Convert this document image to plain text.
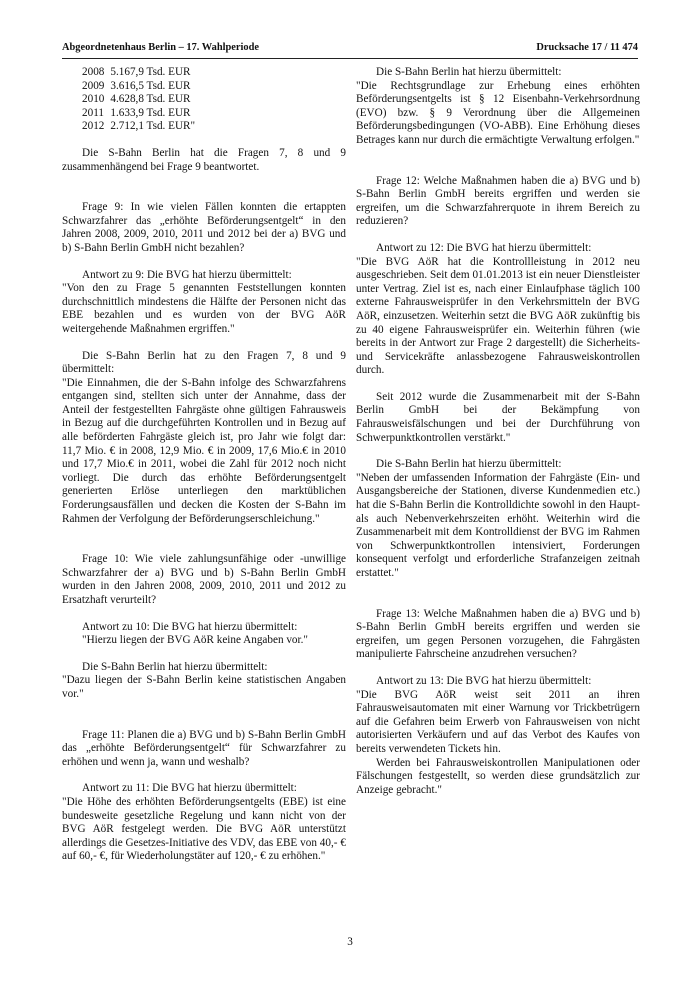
Abgeordnetenhaus Berlin – 17. Wahlperiode	Drucksache 17 / 11 474
2008	5.167,9 Tsd. EUR
2009	3.616,5 Tsd. EUR
2010	4.628,8 Tsd. EUR
2011	1.633,9 Tsd. EUR
2012	2.712,1 Tsd. EUR"

Die S-Bahn Berlin hat die Fragen 7, 8 und 9 zusammenhängend bei Frage 9 beantwortet.

Frage 9: In wie vielen Fällen konnten die ertappten Schwarzfahrer das „erhöhte Beförderungsentgelt“ in den Jahren 2008, 2009, 2010, 2011 und 2012 bei der a) BVG und b) S-Bahn Berlin GmbH nicht bezahlen?

Antwort zu 9: Die BVG hat hierzu übermittelt:

"Von den zu Frage 5 genannten Feststellungen konnten durchschnittlich mindestens die Hälfte der Personen nicht das EBE bezahlen und es wurden von der BVG AöR weitergehende Maßnahmen ergriffen."

Die S-Bahn Berlin hat zu den Fragen 7, 8 und 9 übermittelt:

"Die Einnahmen, die der S-Bahn infolge des Schwarzfahrens entgangen sind, stellten sich unter der Annahme, dass der Anteil der festgestellten Fahrgäste ohne gültigen Fahrausweis in Bezug auf die durchgeführten Kontrollen und in Bezug auf alle beförderten Fahrgäste gleich ist, pro Jahr wie folgt dar: 11,7 Mio. € in 2008, 12,9 Mio. € in 2009, 17,6 Mio.€ in 2010 und 17,7 Mio.€ in 2011, wobei die Zahl für 2012 noch nicht vorliegt. Die durch das erhöhte Beförderungsentgelt generierten Erlöse unterliegen den marktüblichen Forderungsausfällen und decken die Kosten der S-Bahn im Rahmen der Verfolgung der Beförderungserschleichung."

Frage 10: Wie viele zahlungsunfähige oder -unwillige Schwarzfahrer der a) BVG und b) S-Bahn Berlin GmbH wurden in den Jahren 2008, 2009, 2010, 2011 und 2012 zu Ersatzhaft verurteilt?

Antwort zu 10: Die BVG hat hierzu übermittelt:

"Hierzu liegen der BVG AöR keine Angaben vor."

Die S-Bahn Berlin hat hierzu übermittelt:

"Dazu liegen der S-Bahn Berlin keine statistischen Angaben vor."

Frage 11: Planen die a) BVG und b) S-Bahn Berlin GmbH das „erhöhte Beförderungsentgelt“ für Schwarzfahrer zu erhöhen und wenn ja, wann und weshalb?

Antwort zu 11: Die BVG hat hierzu übermittelt:

"Die Höhe des erhöhten Beförderungsentgelts (EBE) ist eine bundesweite gesetzliche Regelung und kann nicht von der BVG AöR festgelegt werden. Die BVG AöR unterstützt allerdings die Gesetzes-Initiative des VDV, das EBE von 40,- € auf 60,- €, für Wiederholungstäter auf 120,- € zu erhöhen."

Die S-Bahn Berlin hat hierzu übermittelt:

"Die Rechtsgrundlage zur Erhebung eines erhöhten Beförderungsentgelts ist § 12 Eisenbahn-Verkehrsordnung (EVO) bzw. § 9 Verordnung über die Allgemeinen Beförderungsbedingungen (VO-ABB). Eine Erhöhung dieses Betrages kann nur durch die ermächtigte Verwaltung erfolgen."

Frage 12: Welche Maßnahmen haben die a) BVG und b) S-Bahn Berlin GmbH bereits ergriffen und werden sie ergreifen, um die Schwarzfahrerquote in ihrem Bereich zu reduzieren?

Antwort zu 12: Die BVG hat hierzu übermittelt:

"Die BVG AöR hat die Kontrollleistung in 2012 neu ausgeschrieben. Seit dem 01.01.2013 ist ein neuer Dienstleister unter Vertrag. Ziel ist es, nach einer Einlaufphase täglich 100 externe Fahrausweisprüfer in den Verkehrsmitteln der BVG AöR, einzusetzen. Weiterhin setzt die BVG AöR zukünftig bis zu 40 eigene Fahrausweisprüfer ein. Weiterhin führen (wie bereits in der Antwort zur Frage 2 dargestellt) die Sicherheits- und Servicekräfte anlassbezogene Fahrausweiskontrollen durch.

Seit 2012 wurde die Zusammenarbeit mit der S-Bahn Berlin GmbH bei der Bekämpfung von Fahrausweisfälschungen und bei der Durchführung von Schwerpunktkontrollen verstärkt."

Die S-Bahn Berlin hat hierzu übermittelt:

"Neben der umfassenden Information der Fahrgäste (Ein- und Ausgangsbereiche der Stationen, diverse Kundenmedien etc.) hat die S-Bahn Berlin die Kontrolldichte sowohl in den Haupt- als auch Nebenverkehrszeiten erhöht. Weiterhin wird die Zusammenarbeit mit dem Kontrolldienst der BVG im Rahmen von Schwerpunktkontrollen intensiviert, Forderungen konsequent verfolgt und erforderliche Strafanzeigen zeitnah erstattet."

Frage 13: Welche Maßnahmen haben die a) BVG und b) S-Bahn Berlin GmbH bereits ergriffen und werden sie ergreifen, um gegen Personen vorzugehen, die Fahrgästen manipulierte Fahrscheine anzudrehen versuchen?

Antwort zu 13: Die BVG hat hierzu übermittelt:

"Die BVG AöR weist seit 2011 an ihren Fahrausweisautomaten mit einer Warnung vor Trickbetrügern auf die Gefahren beim Erwerb von Fahrausweisen von nicht autorisierten Verkäufern und auf das Verbot des Kaufes von bereits verwendeten Tickets hin.

Werden bei Fahrausweiskontrollen Manipulationen oder Fälschungen festgestellt, so werden diese grundsätzlich zur Anzeige gebracht."

3
